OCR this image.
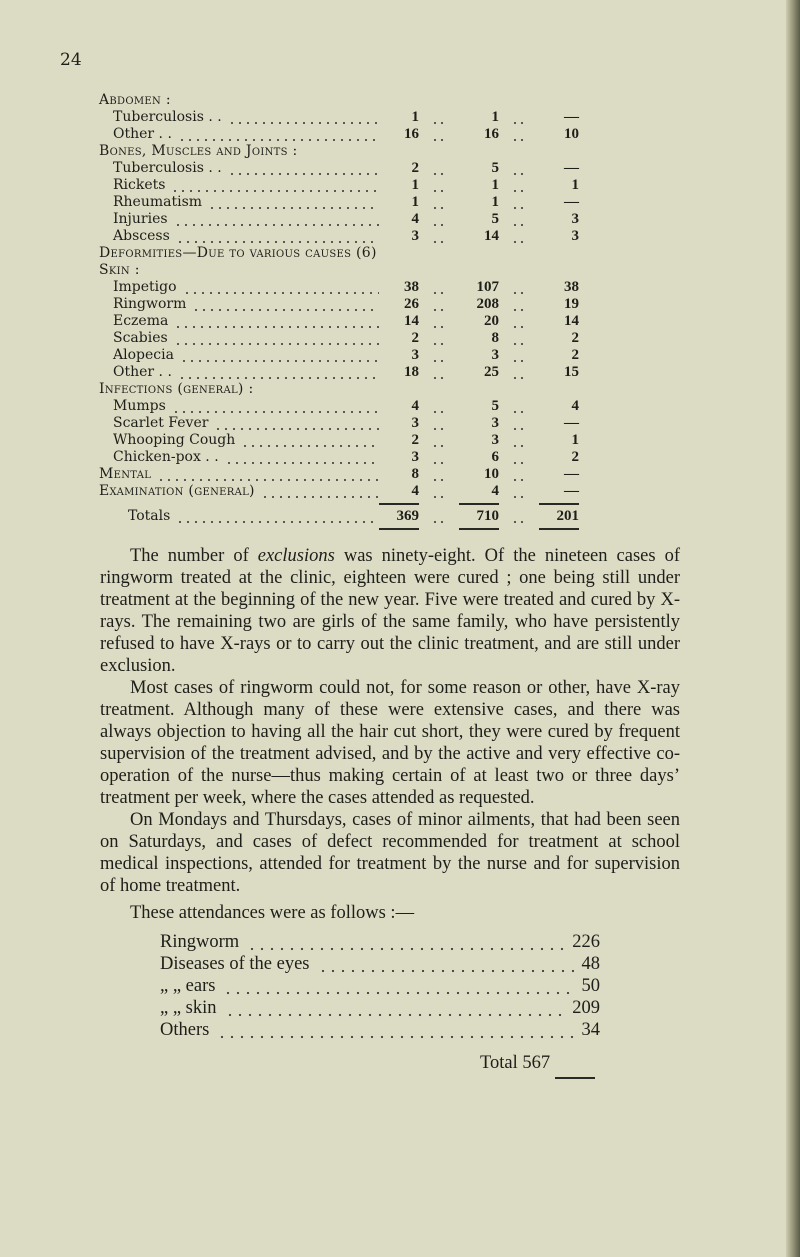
24
Abdomen :
Tuberculosis . .	1	1	—
Other . .	16	16	10
Bones, Muscles and Joints :
Tuberculosis . .	2	5	—
Rickets	1	1	1
Rheumatism	1	1	—
Injuries	4	5	3
Abscess	3	14	3
Deformities—Due to various causes (6)
Skin :
Impetigo	38	107	38
Ringworm	26	208	19
Eczema	14	20	14
Scabies	2	8	2
Alopecia	3	3	2
Other . .	18	25	15
Infections (general) :
Mumps	4	5	4
Scarlet Fever	3	3	—
Whooping Cough	2	3	1
Chicken-pox . .	3	6	2
Mental	8	10	—
Examination (general)	4	4	—
Totals	369	710	201

The number of exclusions was ninety-eight. Of the nineteen cases of ringworm treated at the clinic, eighteen were cured ; one being still under treatment at the beginning of the new year. Five were treated and cured by X-rays. The remaining two are girls of the same family, who have persistently refused to have X-rays or to carry out the clinic treatment, and are still under exclusion.

Most cases of ringworm could not, for some reason or other, have X-ray treatment. Although many of these were extensive cases, and there was always objection to having all the hair cut short, they were cured by frequent supervision of the treatment advised, and by the active and very effective co-operation of the nurse—thus making certain of at least two or three days’ treatment per week, where the cases attended as requested.

On Mondays and Thursdays, cases of minor ailments, that had been seen on Saturdays, and cases of defect recommended for treatment at school medical inspections, attended for treatment by the nurse and for supervision of home treatment.

These attendances were as follows :—
Ringworm	226
Diseases of the eyes	48
„ „ ears	50
„ „ skin	209
Others	34
Total 567
